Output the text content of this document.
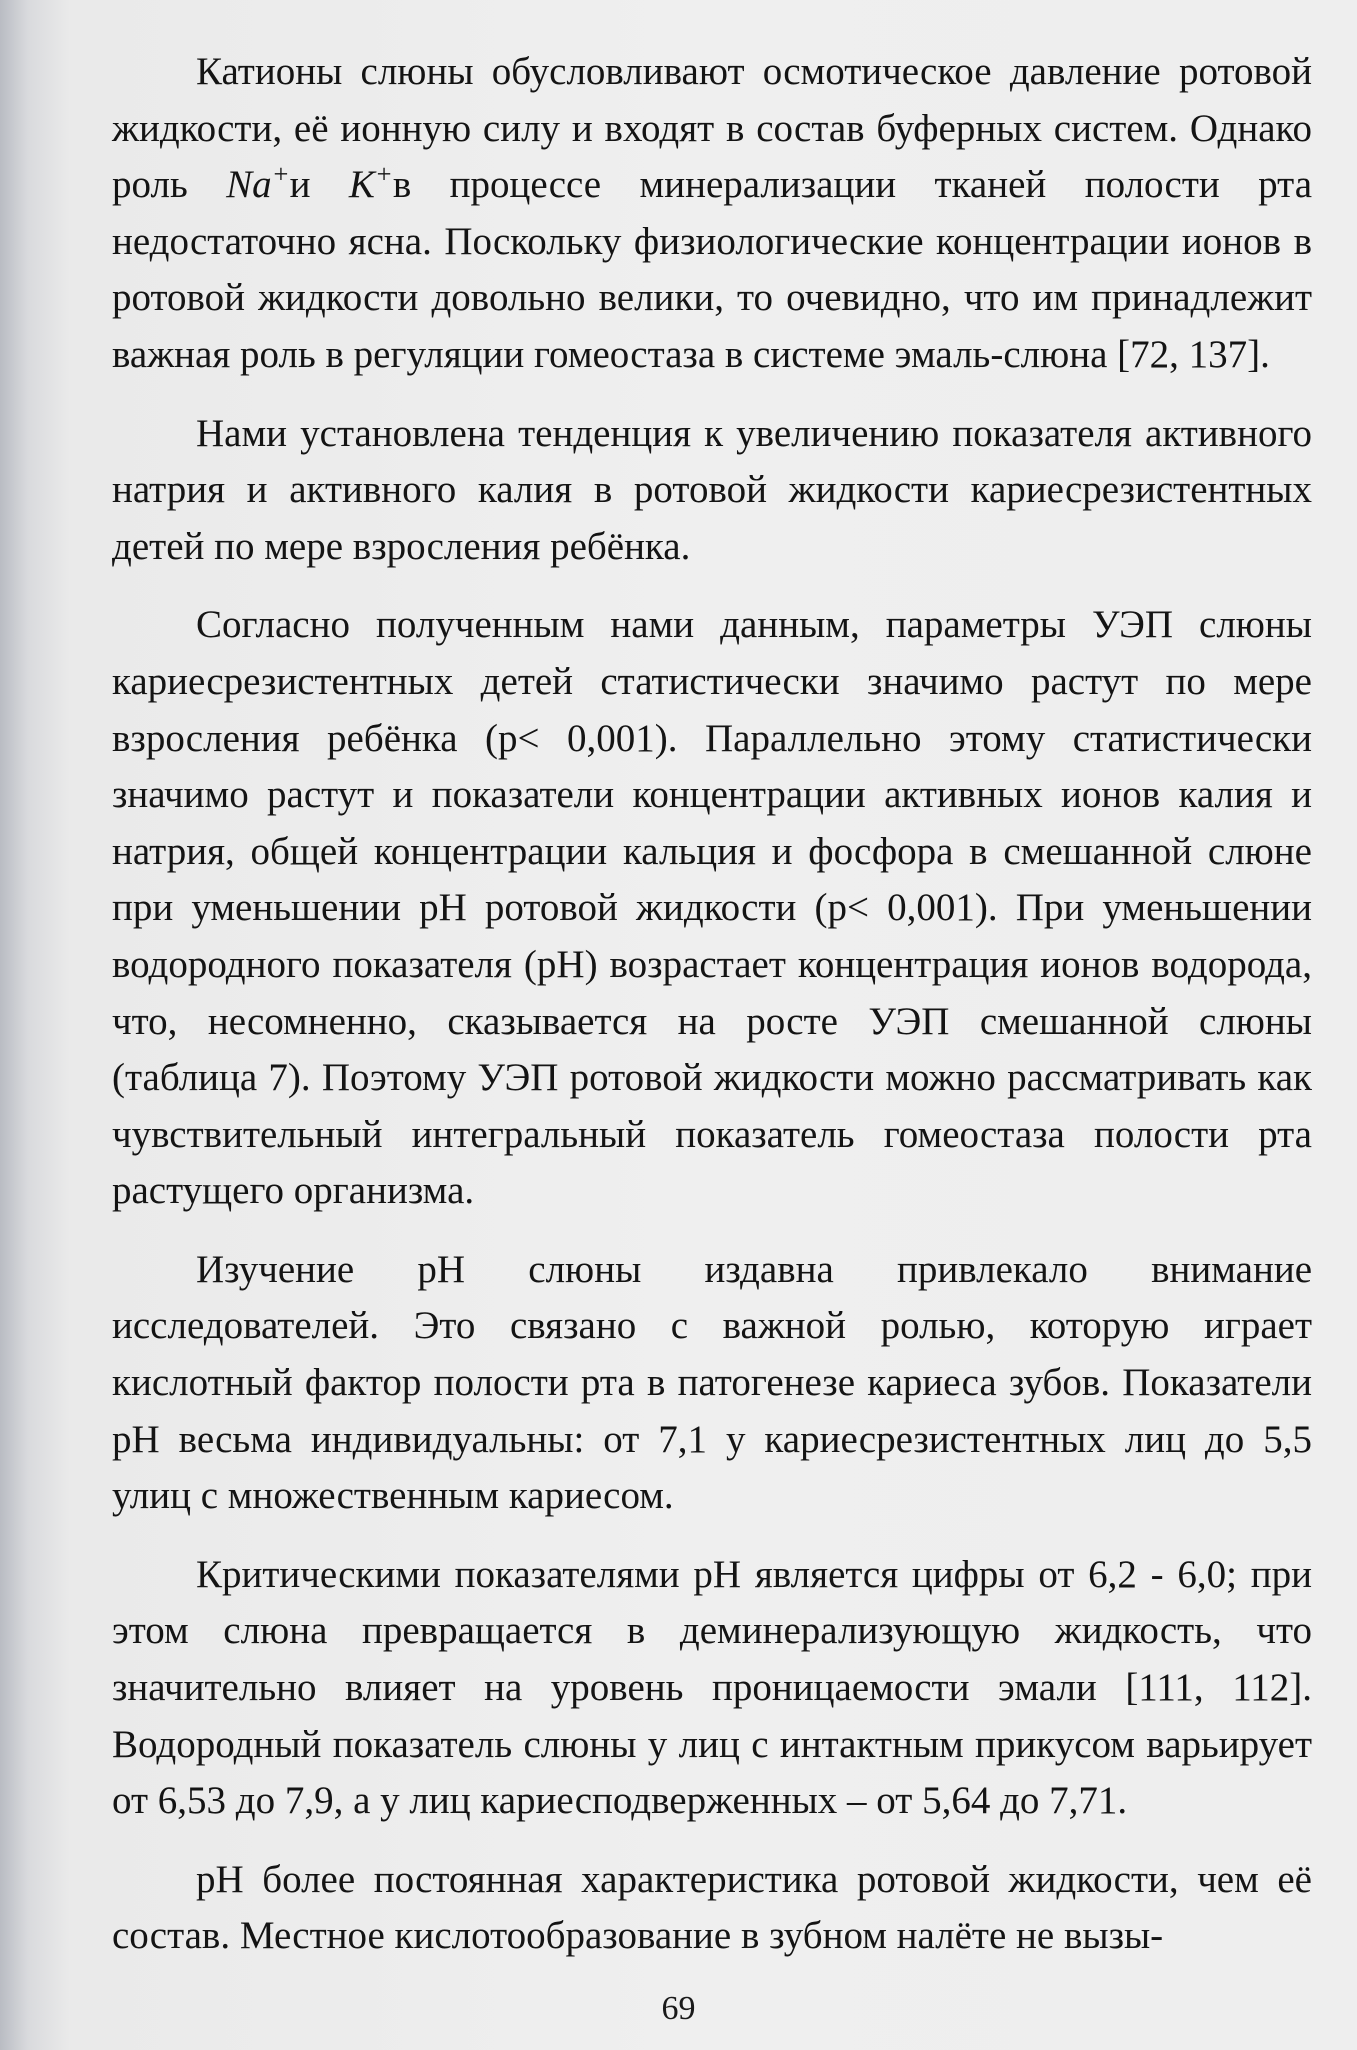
Катионы слюны обусловливают осмотическое давление ротовой жидкости, её ионную силу и входят в состав буферных систем. Однако роль Na+и K+в процессе минерализации тканей полости рта недостаточно ясна. Поскольку физиологические концентрации ионов в ротовой жидкости довольно велики, то очевидно, что им принадлежит важная роль в регуляции гомеостаза в системе эмаль-слюна [72, 137].

Нами установлена тенденция к увеличению показателя активного натрия и активного калия в ротовой жидкости кариесрезистентных детей по мере взросления ребёнка.

Согласно полученным нами данным, параметры УЭП слюны кариесрезистентных детей статистически значимо растут по мере взросления ребёнка (p< 0,001). Параллельно этому статистически значимо растут и показатели концентрации активных ионов калия и натрия, общей концентрации кальция и фосфора в смешанной слюне при уменьшении pH ротовой жидкости (p< 0,001). При уменьшении водородного показателя (pH) возрастает концентрация ионов водорода, что, несомненно, сказывается на росте УЭП смешанной слюны (таблица 7). Поэтому УЭП ротовой жидкости можно рассматривать как чувствительный интегральный показатель гомеостаза полости рта растущего организма.

Изучение pH слюны издавна привлекало внимание исследователей. Это связано с важной ролью, которую играет кислотный фактор полости рта в патогенезе кариеса зубов. Показатели pH весьма индивидуальны: от 7,1 у кариесрезистентных лиц до 5,5 улиц с множественным кариесом.

Критическими показателями pH является цифры от 6,2 - 6,0; при этом слюна превращается в деминерализующую жидкость, что значительно влияет на уровень проницаемости эмали [111, 112]. Водородный показатель слюны у лиц с интактным прикусом варьирует от 6,53 до 7,9, а у лиц кариесподверженных – от 5,64 до 7,71.

pH более постоянная характеристика ротовой жидкости, чем её состав. Местное кислотообразование в зубном налёте не вызы-

69
